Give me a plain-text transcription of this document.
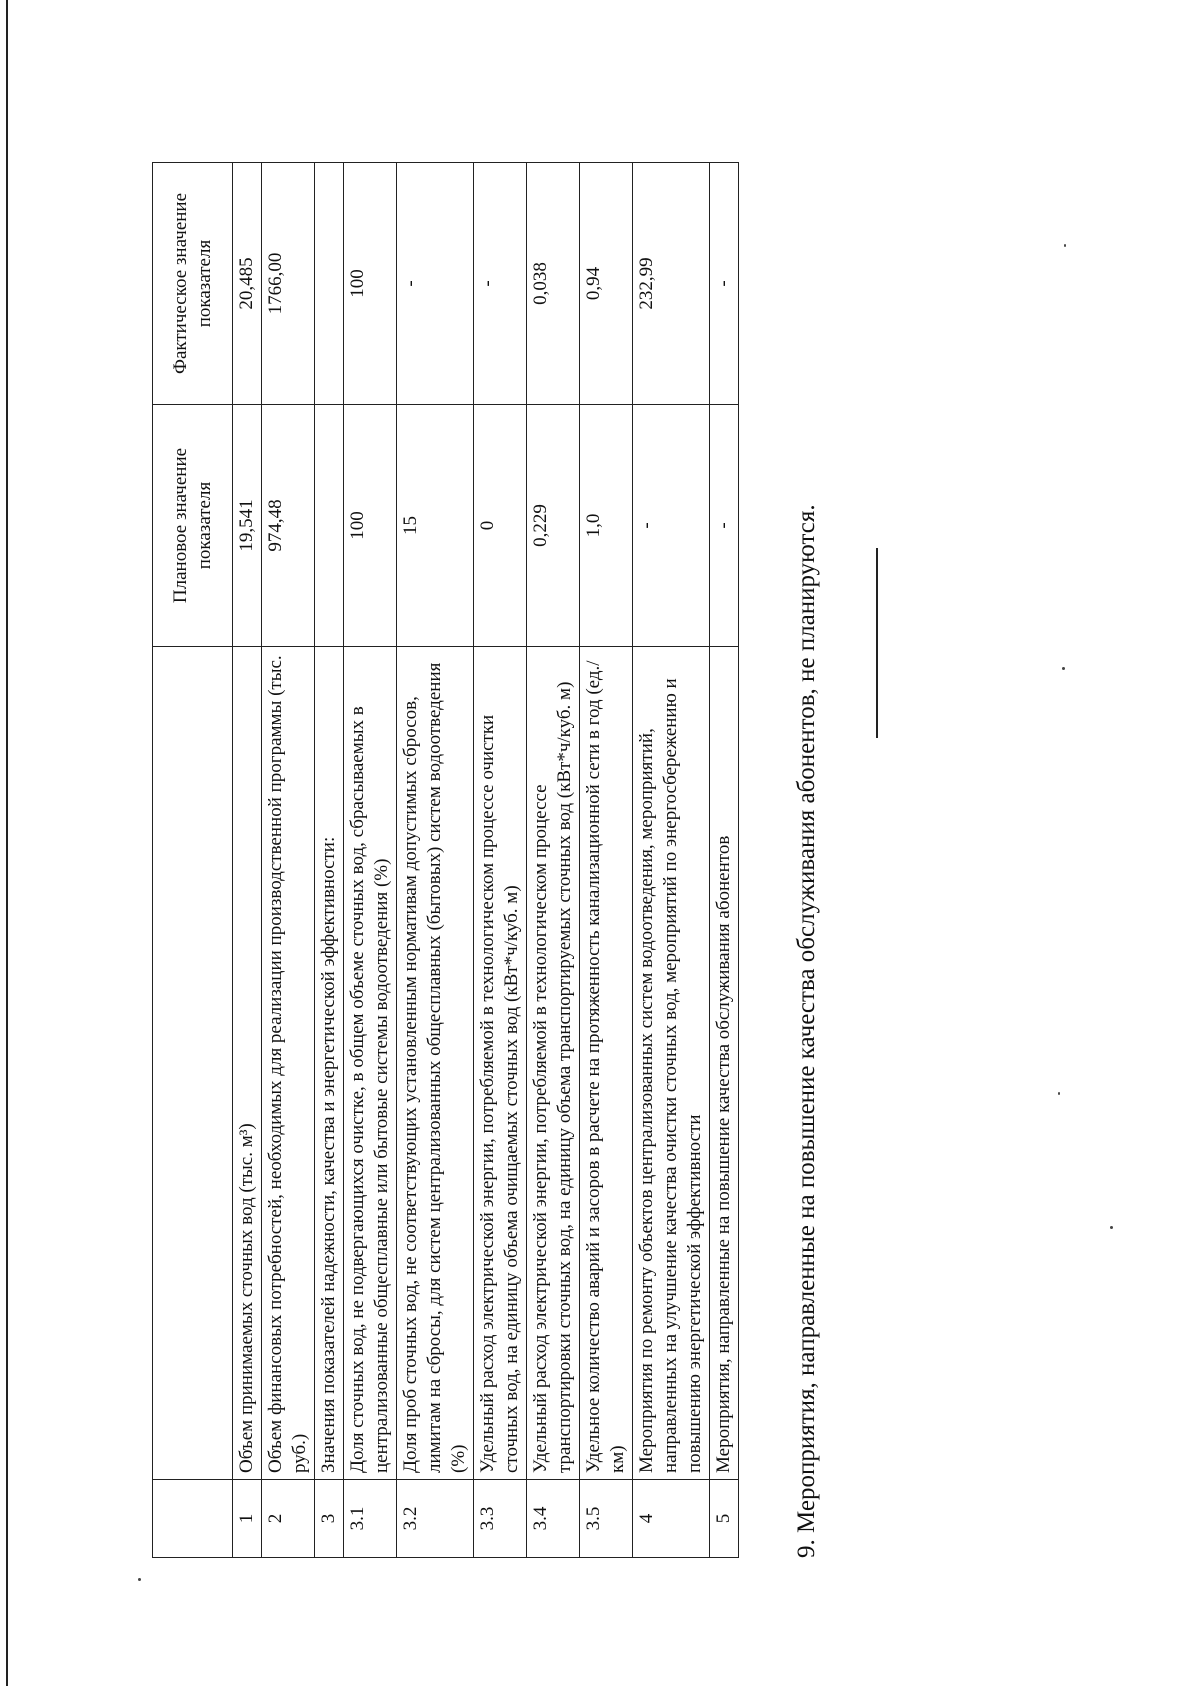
		Плановое значение показателя	Фактическое значение показателя
1	Объем принимаемых сточных вод (тыс. м³)	19,541	20,485
2	Объем финансовых потребностей, необходимых для реализации производственной программы (тыс. руб.)	974,48	1766,00
3	Значения показателей надежности, качества и энергетической эффективности:		
3.1	Доля сточных вод, не подвергающихся очистке, в общем объеме сточных вод, сбрасываемых в централизованные общесплавные или бытовые системы водоотведения (%)	100	100
3.2	Доля проб сточных вод, не соответствующих установленным нормативам допустимых сбросов, лимитам на сбросы, для систем централизованных общесплавных (бытовых) систем водоотведения (%)	15	-
3.3	Удельный расход электрической энергии, потребляемой в технологическом процессе очистки сточных вод, на единицу объема очищаемых сточных вод (кВт*ч/куб. м)	0	-
3.4	Удельный расход электрической энергии, потребляемой в технологическом процессе транспортировки сточных вод, на единицу объема транспортируемых сточных вод (кВт*ч/куб. м)	0,229	0,038
3.5	Удельное количество аварий и засоров в расчете на протяженность канализационной сети в год (ед./км)	1,0	0,94
4	Мероприятия по ремонту объектов централизованных систем водоотведения, мероприятий, направленных на улучшение качества очистки сточных вод, мероприятий по энергосбережению и повышению энергетической эффективности	-	232,99
5	Мероприятия, направленные на повышение качества обслуживания абонентов	-	-
9. Мероприятия, направленные на повышение качества обслуживания абонентов, не планируются.
